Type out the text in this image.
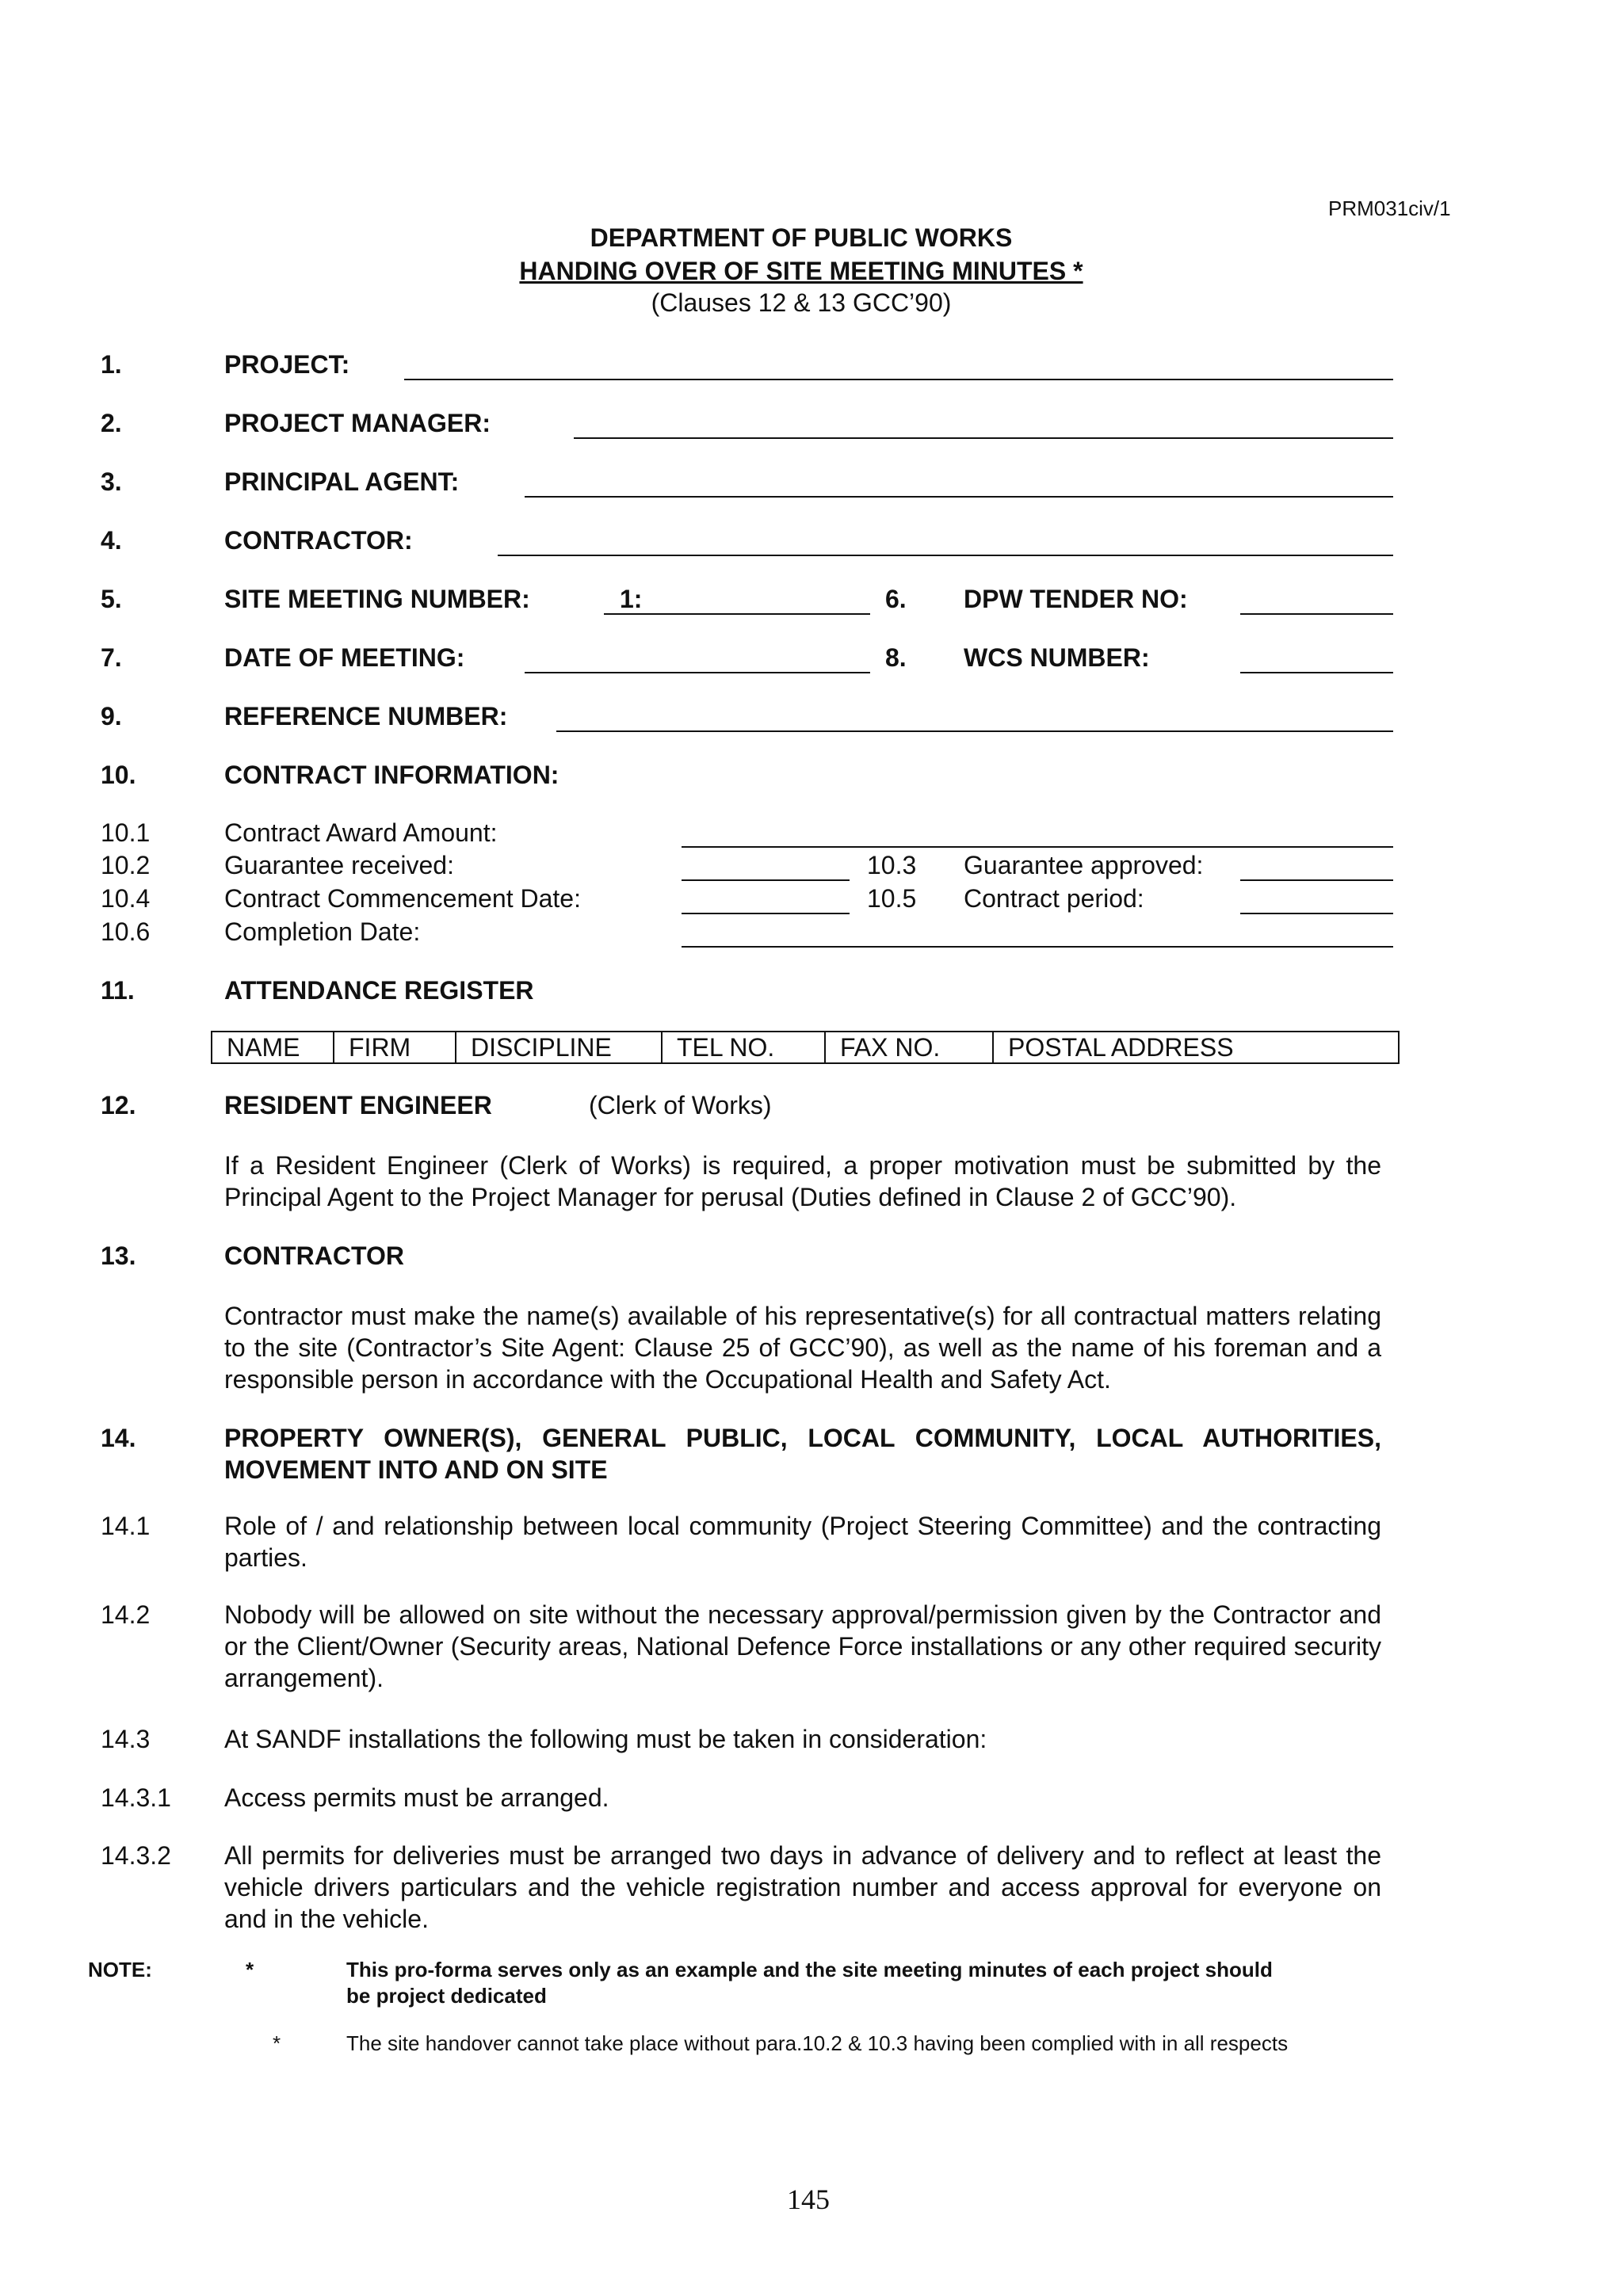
PRM031civ/1
DEPARTMENT OF PUBLIC WORKS
HANDING OVER OF SITE MEETING MINUTES *
(Clauses 12 & 13 GCC’90)
1.	PROJECT:
2.	PROJECT MANAGER:
3.	PRINCIPAL AGENT:
4.	CONTRACTOR:
5.	SITE MEETING NUMBER:	1:	6. DPW TENDER NO:
7.	DATE OF MEETING:	8. WCS NUMBER:
9.	REFERENCE NUMBER:
10.	CONTRACT INFORMATION:
10.1	Contract Award Amount:
10.2	Guarantee received:	10.3 Guarantee approved:
10.4	Contract Commencement Date:	10.5 Contract period:
10.6	Completion Date:
11.	ATTENDANCE REGISTER
NAME	FIRM	DISCIPLINE	TEL NO.	FAX NO.	POSTAL ADDRESS
12.	RESIDENT ENGINEER	(Clerk of Works)
If a Resident Engineer (Clerk of Works) is required, a proper motivation must be submitted by the Principal Agent to the Project Manager for perusal (Duties defined in Clause 2 of GCC’90).
13.	CONTRACTOR
Contractor must make the name(s) available of his representative(s) for all contractual matters relating to the site (Contractor’s Site Agent: Clause 25 of GCC’90), as well as the name of his foreman and a responsible person in accordance with the Occupational Health and Safety Act.
14.	PROPERTY OWNER(S), GENERAL PUBLIC, LOCAL COMMUNITY, LOCAL AUTHORITIES, MOVEMENT INTO AND ON SITE
14.1	Role of / and relationship between local community (Project Steering Committee) and the contracting parties.
14.2	Nobody will be allowed on site without the necessary approval/permission given by the Contractor and or the Client/Owner (Security areas, National Defence Force installations or any other required security arrangement).
14.3	At SANDF installations the following must be taken in consideration:
14.3.1 Access permits must be arranged.
14.3.2 All permits for deliveries must be arranged two days in advance of delivery and to reflect at least the vehicle drivers particulars and the vehicle registration number and access approval for everyone on and in the vehicle.
NOTE:	*	This pro-forma serves only as an example and the site meeting minutes of each project should be project dedicated
*	The site handover cannot take place without para.10.2 & 10.3 having been complied with in all respects
145
